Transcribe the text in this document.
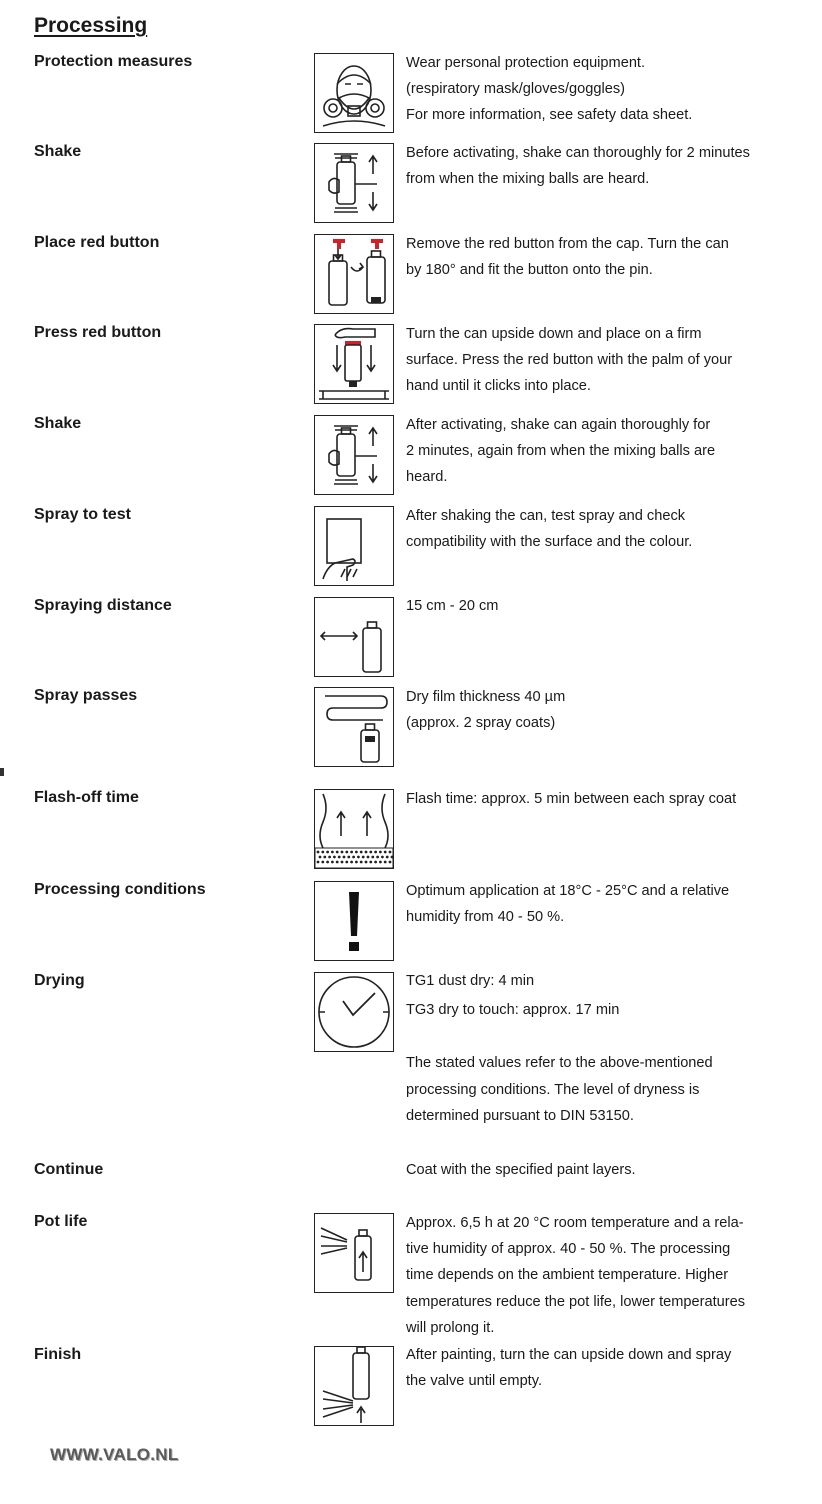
Processing
Protection measures	Wear personal protection equipment.
(respiratory mask/gloves/goggles)
For more information, see safety data sheet.
Shake	Before activating, shake can thoroughly for 2 minutes
from when the mixing balls are heard.
Place red button	Remove the red button from the cap. Turn the can
by 180° and fit the button onto the pin.
Press red button	Turn the can upside down and place on a firm
surface. Press the red button with the palm of your
hand until it clicks into place.
Shake	After activating, shake can again thoroughly for
2 minutes, again from when the mixing balls are
heard.
Spray to test	After shaking the can, test spray and check
compatibility with the surface and the colour.
Spraying distance	15 cm - 20 cm
Spray passes	Dry film thickness 40 µm
(approx. 2 spray coats)
Flash-off time	Flash time: approx. 5 min between each spray coat
Processing conditions	Optimum application at 18°C - 25°C and a relative
humidity from 40 - 50 %.
Drying	TG1 dust dry: 4 min
TG3 dry to touch: approx. 17 min
The stated values refer to the above-mentioned
processing conditions. The level of dryness is
determined pursuant to DIN 53150.
Continue	Coat with the specified paint layers.
Pot life	Approx. 6,5 h at 20 °C room temperature and a rela-
tive humidity of approx. 40 - 50 %. The processing
time depends on the ambient temperature. Higher
temperatures reduce the pot life, lower temperatures
will prolong it.
Finish	After painting, turn the can upside down and spray
the valve until empty.
WWW.VALO.NL
